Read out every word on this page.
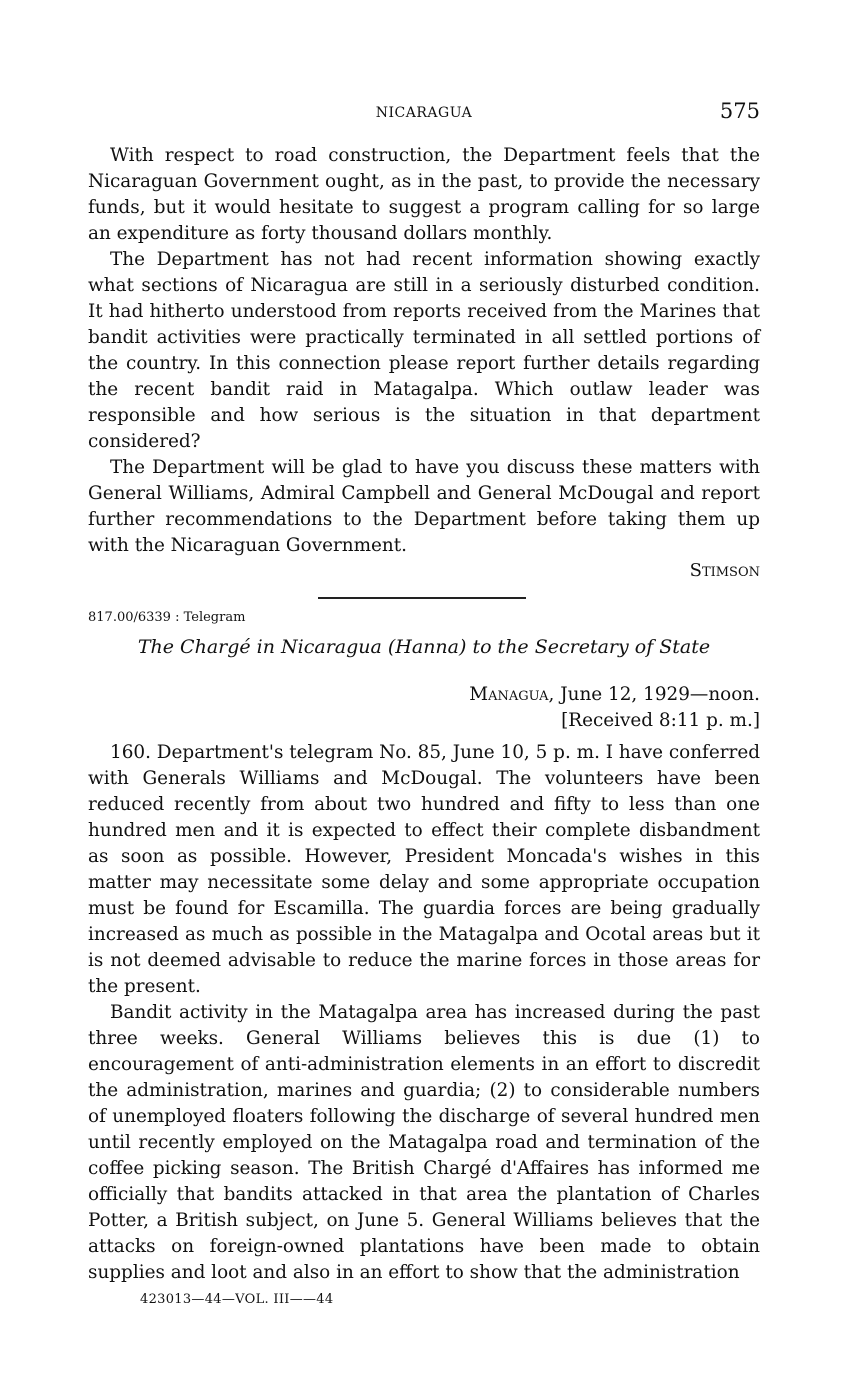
NICARAGUA	575

With respect to road construction, the Department feels that the Nicaraguan Government ought, as in the past, to provide the necessary funds, but it would hesitate to suggest a program calling for so large an expenditure as forty thousand dollars monthly.

The Department has not had recent information showing exactly what sections of Nicaragua are still in a seriously disturbed condition. It had hitherto understood from reports received from the Marines that bandit activities were practically terminated in all settled portions of the country. In this connection please report further details regarding the recent bandit raid in Matagalpa. Which outlaw leader was responsible and how serious is the situation in that department considered?

The Department will be glad to have you discuss these matters with General Williams, Admiral Campbell and General McDougal and report further recommendations to the Department before taking them up with the Nicaraguan Government.

Stimson
817.00/6339 : Telegram
The Chargé in Nicaragua (Hanna) to the Secretary of State
Managua, June 12, 1929—noon.
[Received 8:11 p. m.]

160. Department's telegram No. 85, June 10, 5 p. m. I have conferred with Generals Williams and McDougal. The volunteers have been reduced recently from about two hundred and fifty to less than one hundred men and it is expected to effect their complete disbandment as soon as possible. However, President Moncada's wishes in this matter may necessitate some delay and some appropriate occupation must be found for Escamilla. The guardia forces are being gradually increased as much as possible in the Matagalpa and Ocotal areas but it is not deemed advisable to reduce the marine forces in those areas for the present.

Bandit activity in the Matagalpa area has increased during the past three weeks. General Williams believes this is due (1) to encouragement of anti-administration elements in an effort to discredit the administration, marines and guardia; (2) to considerable numbers of unemployed floaters following the discharge of several hundred men until recently employed on the Matagalpa road and termination of the coffee picking season. The British Chargé d'Affaires has informed me officially that bandits attacked in that area the plantation of Charles Potter, a British subject, on June 5. General Williams believes that the attacks on foreign-owned plantations have been made to obtain supplies and loot and also in an effort to show that the administration

423013—44—VOL. III——44
